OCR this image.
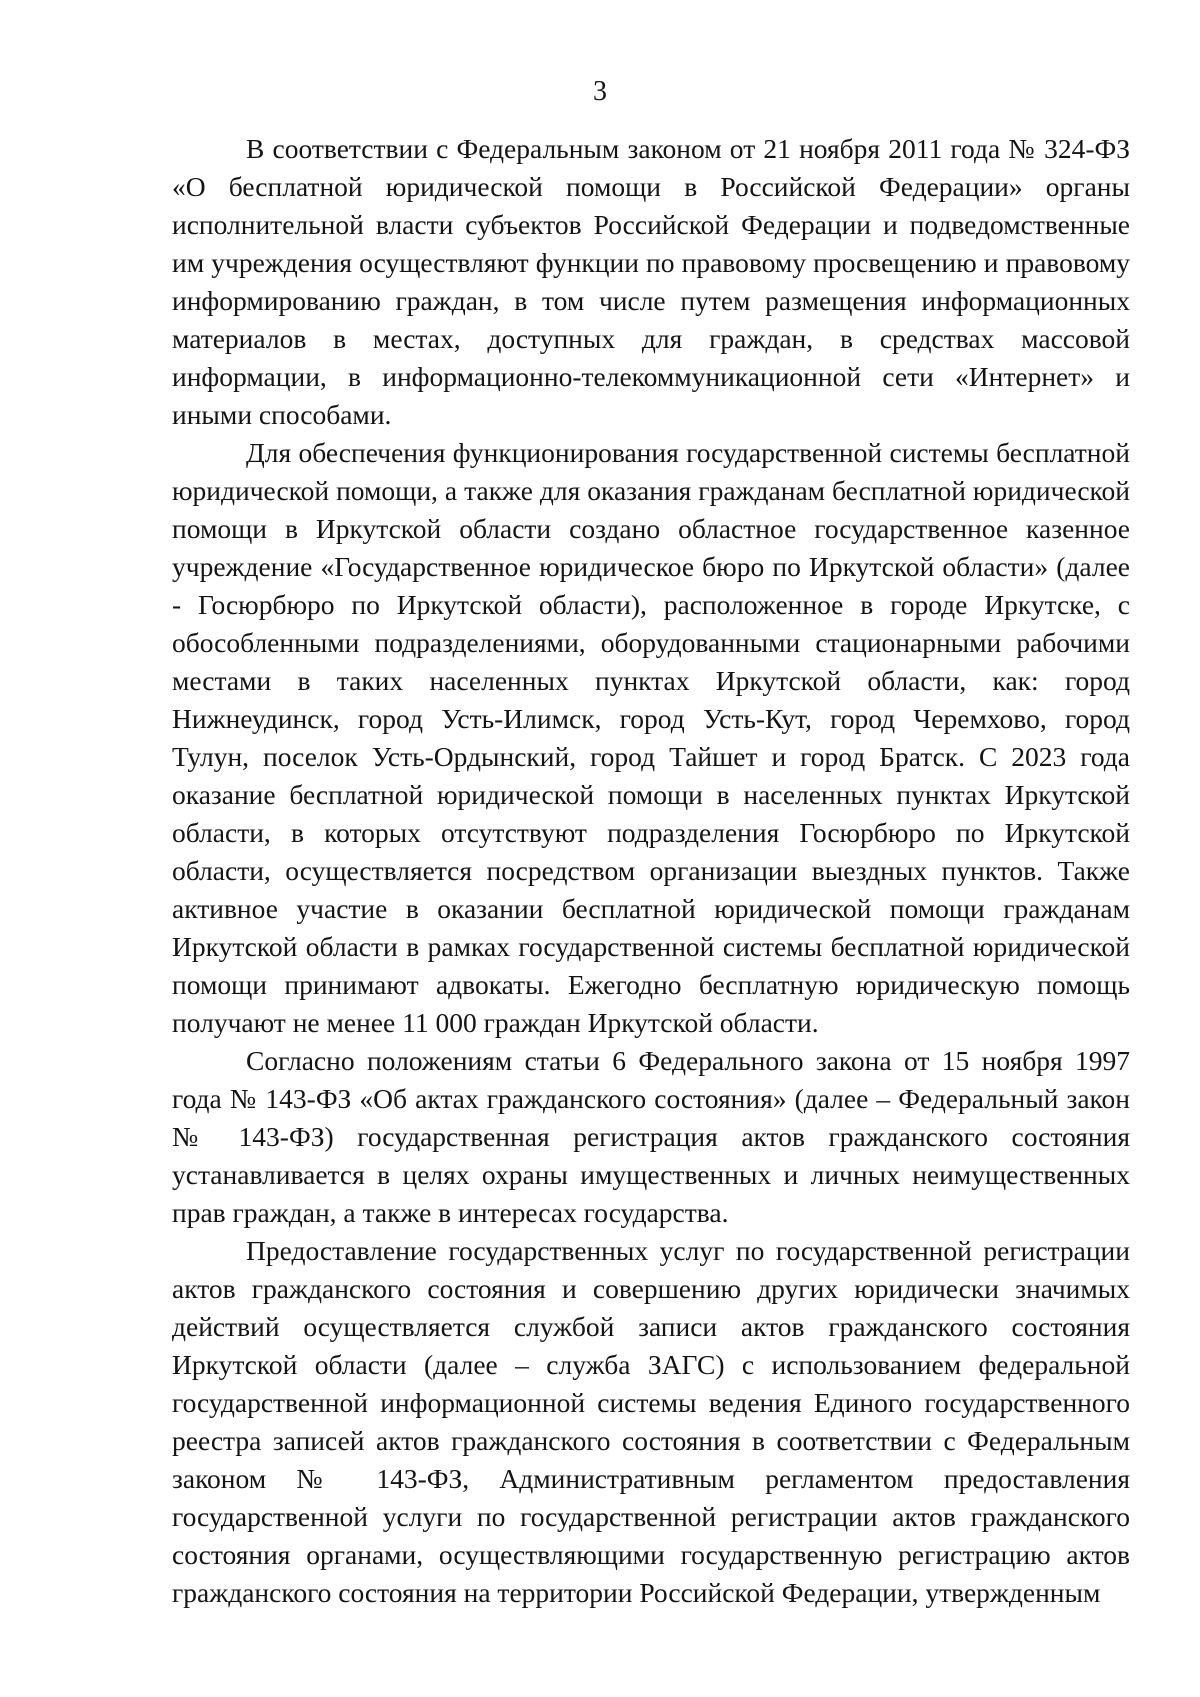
3

В соответствии с Федеральным законом от 21 ноября 2011 года № 324-ФЗ «О бесплатной юридической помощи в Российской Федерации» органы исполнительной власти субъектов Российской Федерации и подведомственные им учреждения осуществляют функции по правовому просвещению и правовому информированию граждан, в том числе путем размещения информационных материалов в местах, доступных для граждан, в средствах массовой информации, в информационно-телекоммуникационной сети «Интернет» и иными способами.

Для обеспечения функционирования государственной системы бесплатной юридической помощи, а также для оказания гражданам бесплатной юридической помощи в Иркутской области создано областное государственное казенное учреждение «Государственное юридическое бюро по Иркутской области» (далее - Госюрбюро по Иркутской области), расположенное в городе Иркутске, с обособленными подразделениями, оборудованными стационарными рабочими местами в таких населенных пунктах Иркутской области, как: город Нижнеудинск, город Усть-Илимск, город Усть-Кут, город Черемхово, город Тулун, поселок Усть-Ордынский, город Тайшет и город Братск. С 2023 года оказание бесплатной юридической помощи в населенных пунктах Иркутской области, в которых отсутствуют подразделения Госюрбюро по Иркутской области, осуществляется посредством организации выездных пунктов. Также активное участие в оказании бесплатной юридической помощи гражданам Иркутской области в рамках государственной системы бесплатной юридической помощи принимают адвокаты. Ежегодно бесплатную юридическую помощь получают не менее 11 000 граждан Иркутской области.

Согласно положениям статьи 6 Федерального закона от 15 ноября 1997 года № 143-ФЗ «Об актах гражданского состояния» (далее – Федеральный закон № 143-ФЗ) государственная регистрация актов гражданского состояния устанавливается в целях охраны имущественных и личных неимущественных прав граждан, а также в интересах государства.

Предоставление государственных услуг по государственной регистрации актов гражданского состояния и совершению других юридически значимых действий осуществляется службой записи актов гражданского состояния Иркутской области (далее – служба ЗАГС) с использованием федеральной государственной информационной системы ведения Единого государственного реестра записей актов гражданского состояния в соответствии с Федеральным законом № 143-ФЗ, Административным регламентом предоставления государственной услуги по государственной регистрации актов гражданского состояния органами, осуществляющими государственную регистрацию актов гражданского состояния на территории Российской Федерации, утвержденным
